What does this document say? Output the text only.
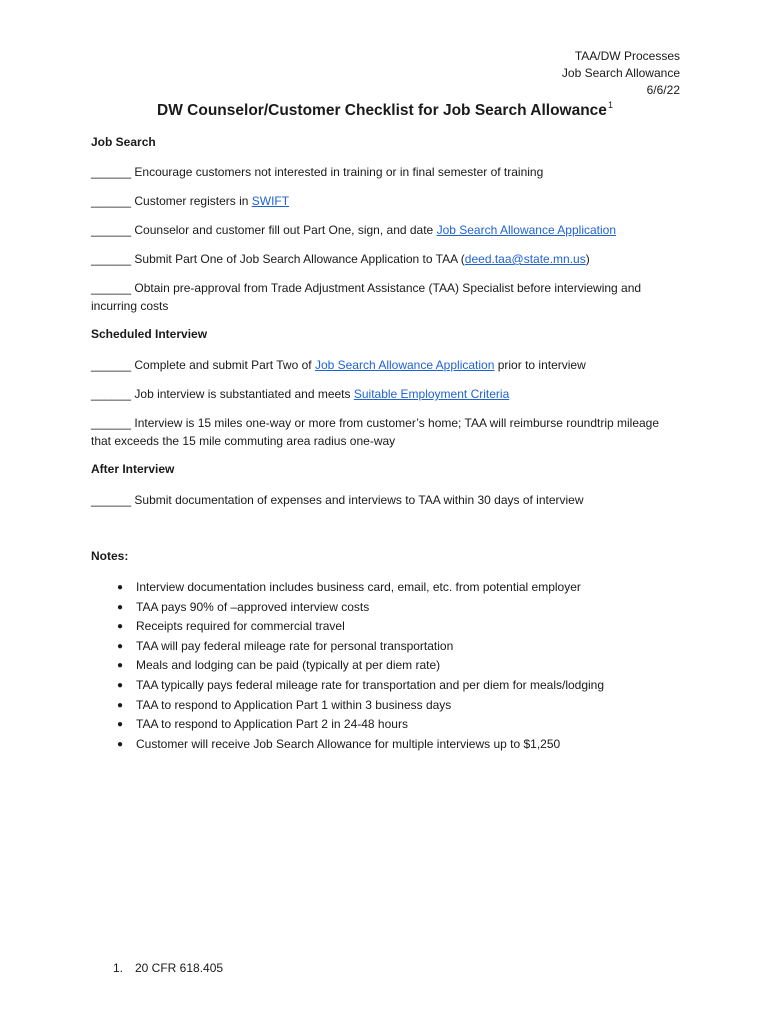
TAA/DW Processes
Job Search Allowance
6/6/22
DW Counselor/Customer Checklist for Job Search Allowance$^1$
Job Search
______ Encourage customers not interested in training or in final semester of training
______ Customer registers in SWIFT
______ Counselor and customer fill out Part One, sign, and date Job Search Allowance Application
______ Submit Part One of Job Search Allowance Application to TAA (deed.taa@state.mn.us)
______ Obtain pre-approval from Trade Adjustment Assistance (TAA) Specialist before interviewing and incurring costs
Scheduled Interview
______ Complete and submit Part Two of Job Search Allowance Application prior to interview
______ Job interview is substantiated and meets Suitable Employment Criteria
______ Interview is 15 miles one-way or more from customer’s home; TAA will reimburse roundtrip mileage that exceeds the 15 mile commuting area radius one-way
After Interview
______ Submit documentation of expenses and interviews to TAA within 30 days of interview
Notes:
● Interview documentation includes business card, email, etc. from potential employer
● TAA pays 90% of –approved interview costs
● Receipts required for commercial travel
● TAA will pay federal mileage rate for personal transportation
● Meals and lodging can be paid (typically at per diem rate)
● TAA typically pays federal mileage rate for transportation and per diem for meals/lodging
● TAA to respond to Application Part 1 within 3 business days
● TAA to respond to Application Part 2 in 24-48 hours
● Customer will receive Job Search Allowance for multiple interviews up to $1,250
1. 20 CFR 618.405
